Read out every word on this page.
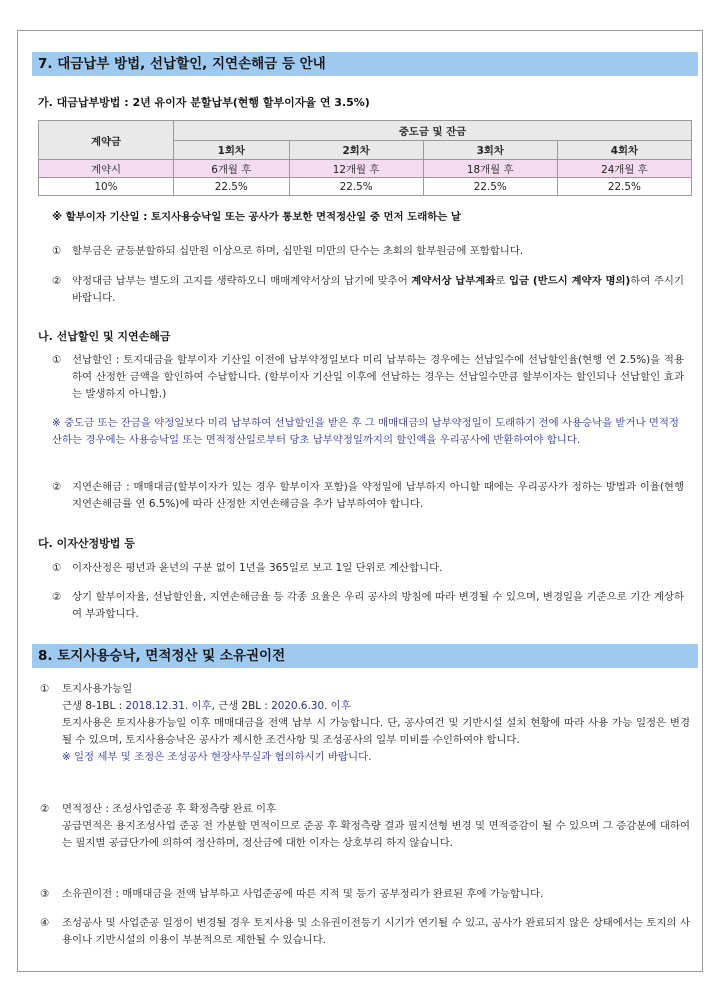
7. 대금납부 방법, 선납할인, 지연손해금 등 안내
가. 대금납부방법 : 2년 유이자 분할납부(현행 할부이자율 연 3.5%)
계약금	중도금 및 잔금			
	1회차	2회차	3회차	4회차
계약시	6개월 후	12개월 후	18개월 후	24개월 후
10%	22.5%	22.5%	22.5%	22.5%
※ 할부이자 기산일 : 토지사용승낙일 또는 공사가 통보한 면적정산일 중 먼저 도래하는 날
① 할부금은 균등분할하되 십만원 이상으로 하며, 십만원 미만의 단수는 초회의 할부원금에 포함합니다.
② 약정대금 납부는 별도의 고지를 생략하오니 매매계약서상의 납기에 맞추어 계약서상 납부계좌로 입금 (반드시 계약자 명의)하여 주시기 바랍니다.
나. 선납할인 및 지연손해금
① 선납할인 : 토지대금을 할부이자 기산일 이전에 납부약정일보다 미리 납부하는 경우에는 선납일수에 선납할인율(현행 연 2.5%)을 적용하여 산정한 금액을 할인하여 수납합니다. (할부이자 기산일 이후에 선납하는 경우는 선납일수만큼 할부이자는 할인되나 선납할인 효과는 발생하지 아니함.)
※ 중도금 또는 잔금을 약정일보다 미리 납부하여 선납할인을 받은 후 그 매매대금의 납부약정일이 도래하기 전에 사용승낙을 받거나 면적정산하는 경우에는 사용승낙일 또는 면적정산일로부터 당초 납부약정일까지의 할인액을 우리공사에 반환하여야 합니다.
② 지연손해금 : 매매대금(할부이자가 있는 경우 할부이자 포함)을 약정일에 납부하지 아니할 때에는 우리공사가 정하는 방법과 이율(현행 지연손해금률 연 6.5%)에 따라 산정한 지연손해금을 추가 납부하여야 합니다.
다. 이자산정방법 등
① 이자산정은 평년과 윤년의 구분 없이 1년을 365일로 보고 1일 단위로 계산합니다.
② 상기 할부이자율, 선납할인율, 지연손해금율 등 각종 요율은 우리 공사의 방침에 따라 변경될 수 있으며, 변경일을 기준으로 기간 계상하여 부과합니다.
8. 토지사용승낙, 면적정산 및 소유권이전
① 토지사용가능일
근생 8-1BL : 2018.12.31. 이후, 근생 2BL : 2020.6.30. 이후
토지사용은 토지사용가능일 이후 매매대금을 전액 납부 시 가능합니다. 단, 공사여건 및 기반시설 설치 현황에 따라 사용 가능 일정은 변경될 수 있으며, 토지사용승낙은 공사가 제시한 조건사항 및 조성공사의 일부 미비를 수인하여야 합니다.
※ 일정 세부 및 조정은 조성공사 현장사무실과 협의하시기 바랍니다.
② 면적정산 : 조성사업준공 후 확정측량 완료 이후
공급면적은 용지조성사업 준공 전 가분할 면적이므로 준공 후 확정측량 결과 필지선형 변경 및 면적증감이 될 수 있으며 그 증감분에 대하여는 필지별 공급단가에 의하여 정산하며, 정산금에 대한 이자는 상호부리 하지 않습니다.
③ 소유권이전 : 매매대금을 전액 납부하고 사업준공에 따른 지적 및 등기 공부정리가 완료된 후에 가능합니다.
④ 조성공사 및 사업준공 일정이 변경될 경우 토지사용 및 소유권이전등기 시기가 연기될 수 있고, 공사가 완료되지 않은 상태에서는 토지의 사용이나 기반시설의 이용이 부분적으로 제한될 수 있습니다.
